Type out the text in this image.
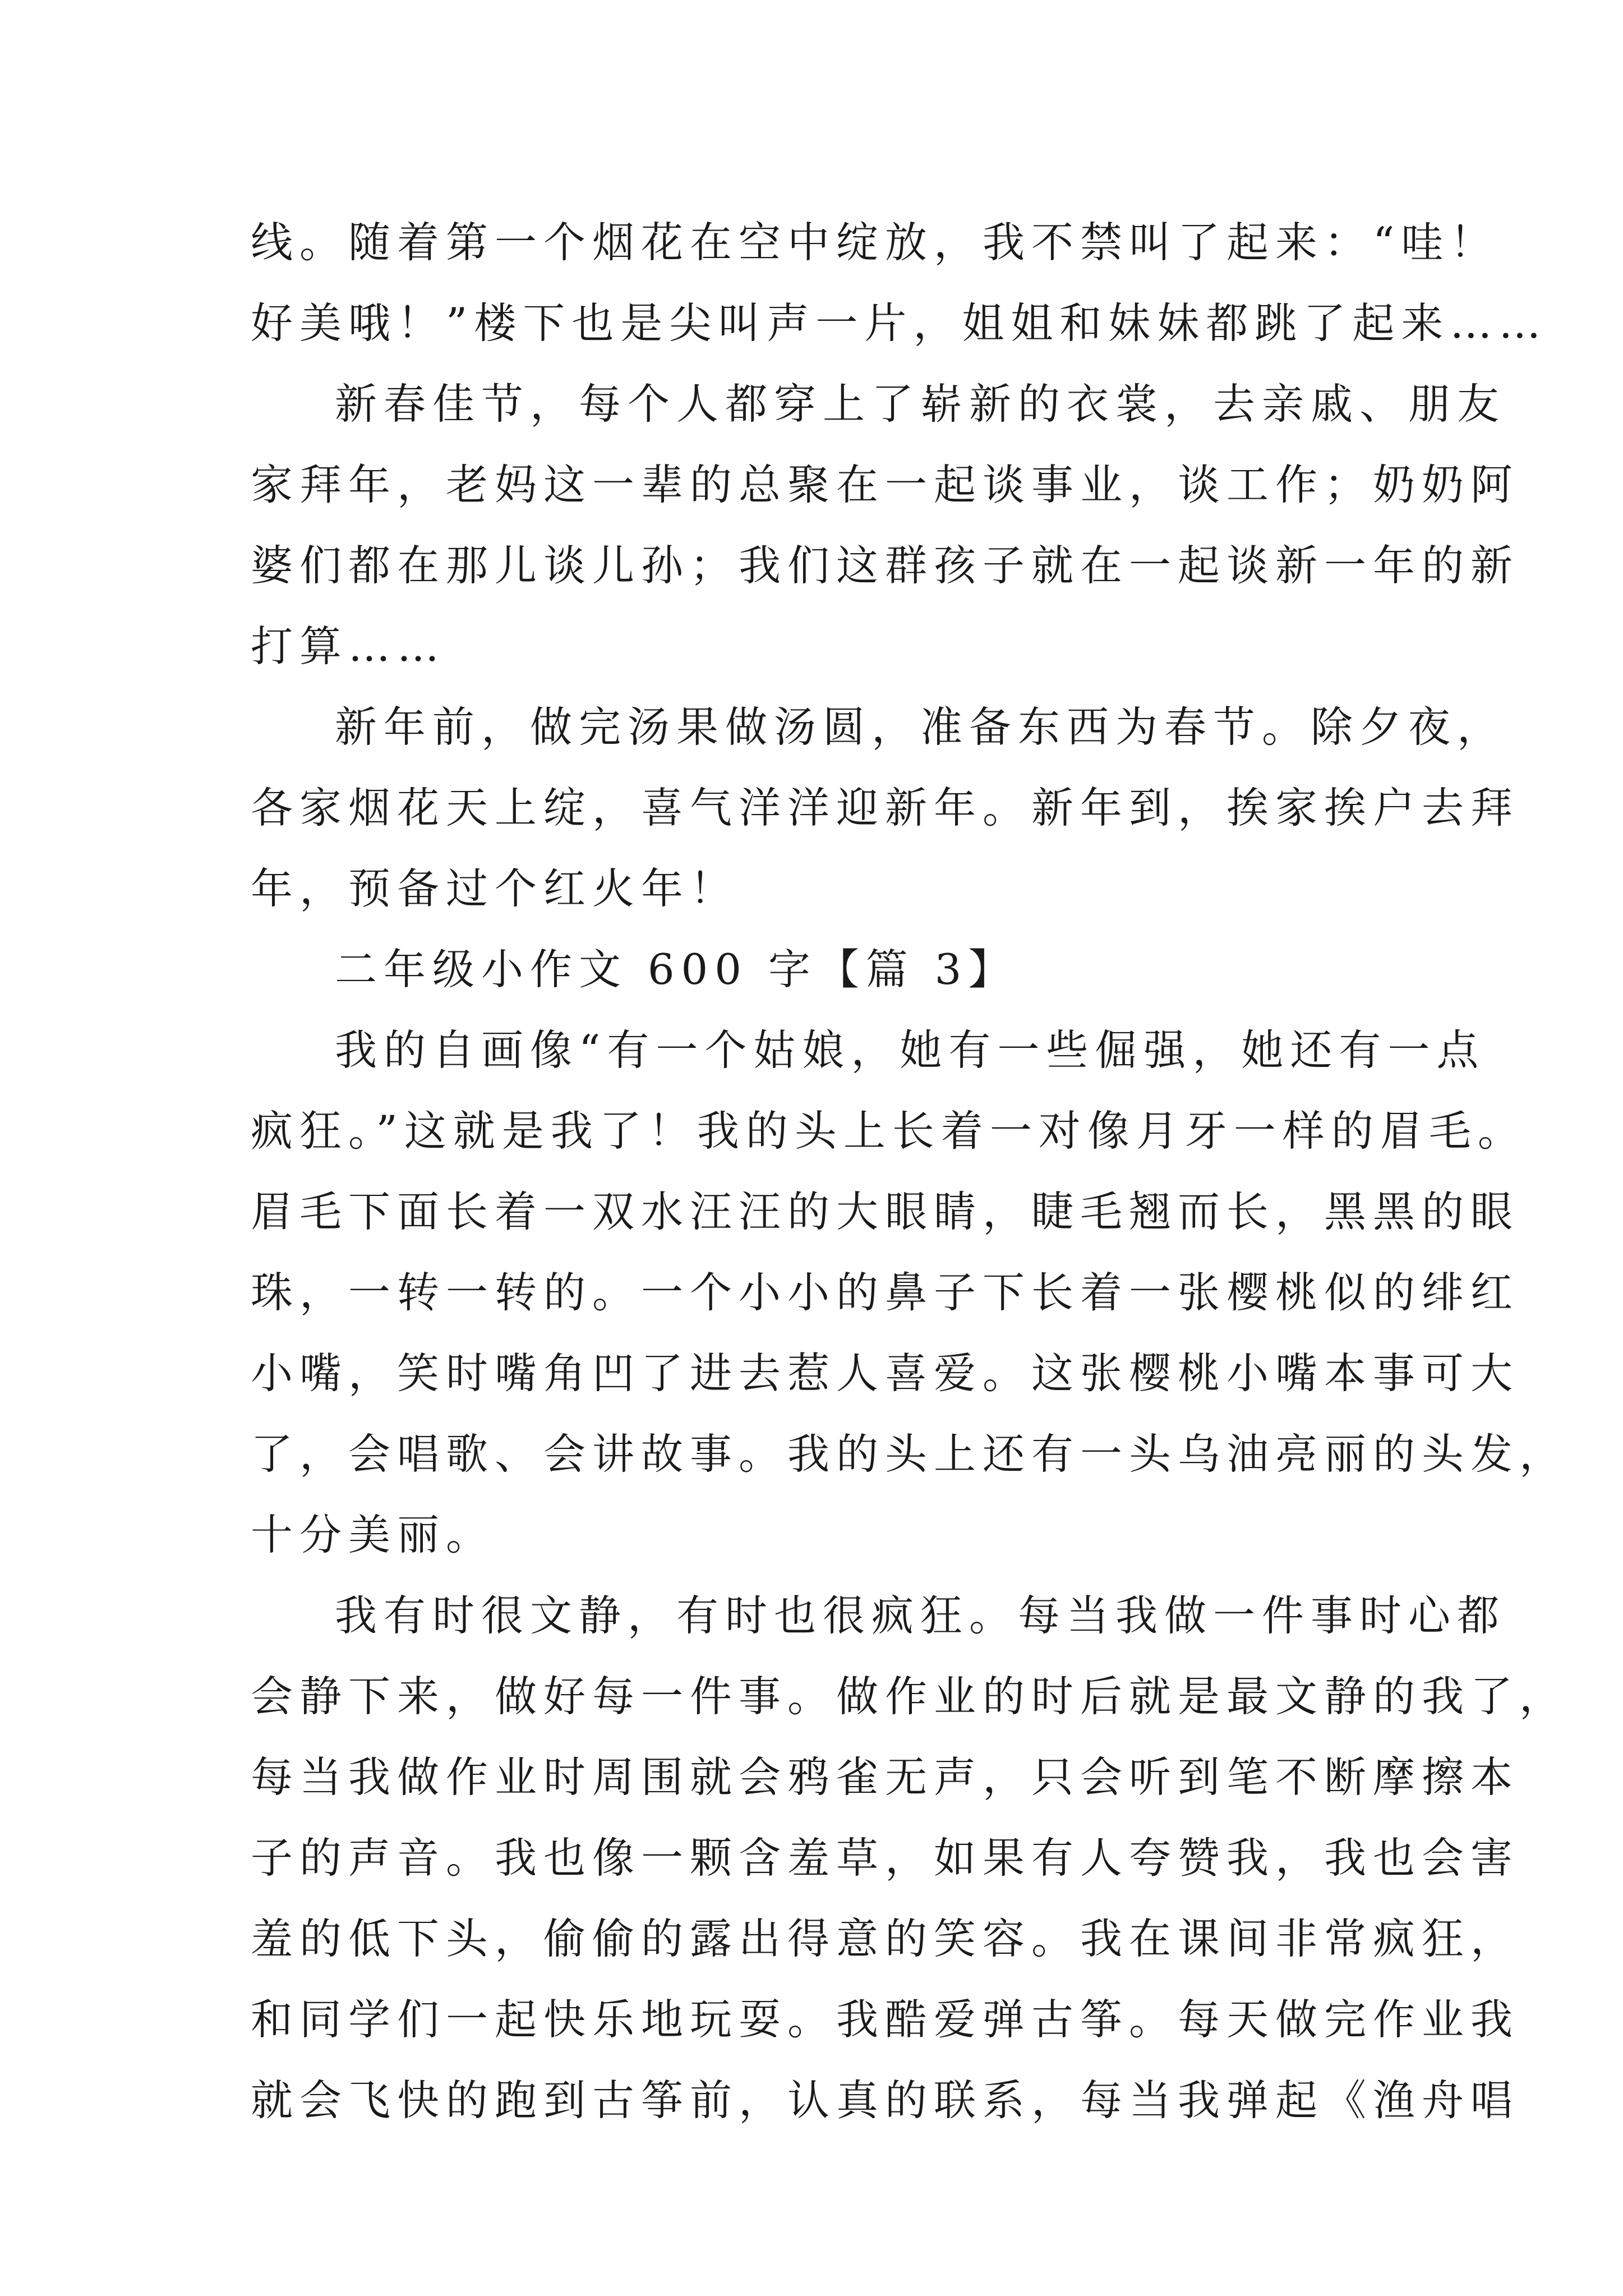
线。随着第一个烟花在空中绽放，我不禁叫了起来：“哇！
好美哦！”楼下也是尖叫声一片，姐姐和妹妹都跳了起来……
新春佳节，每个人都穿上了崭新的衣裳，去亲戚、朋友
家拜年，老妈这一辈的总聚在一起谈事业，谈工作；奶奶阿
婆们都在那儿谈儿孙；我们这群孩子就在一起谈新一年的新
打算……
新年前，做完汤果做汤圆，准备东西为春节。除夕夜，
各家烟花天上绽，喜气洋洋迎新年。新年到，挨家挨户去拜
年，预备过个红火年！
二年级小作文 600 字【篇 3】
我的自画像“有一个姑娘，她有一些倔强，她还有一点
疯狂。”这就是我了！我的头上长着一对像月牙一样的眉毛。
眉毛下面长着一双水汪汪的大眼睛，睫毛翘而长，黑黑的眼
珠，一转一转的。一个小小的鼻子下长着一张樱桃似的绯红
小嘴，笑时嘴角凹了进去惹人喜爱。这张樱桃小嘴本事可大
了，会唱歌、会讲故事。我的头上还有一头乌油亮丽的头发，
十分美丽。
我有时很文静，有时也很疯狂。每当我做一件事时心都
会静下来，做好每一件事。做作业的时后就是最文静的我了，
每当我做作业时周围就会鸦雀无声，只会听到笔不断摩擦本
子的声音。我也像一颗含羞草，如果有人夸赞我，我也会害
羞的低下头，偷偷的露出得意的笑容。我在课间非常疯狂，
和同学们一起快乐地玩耍。我酷爱弹古筝。每天做完作业我
就会飞快的跑到古筝前，认真的联系，每当我弹起《渔舟唱
